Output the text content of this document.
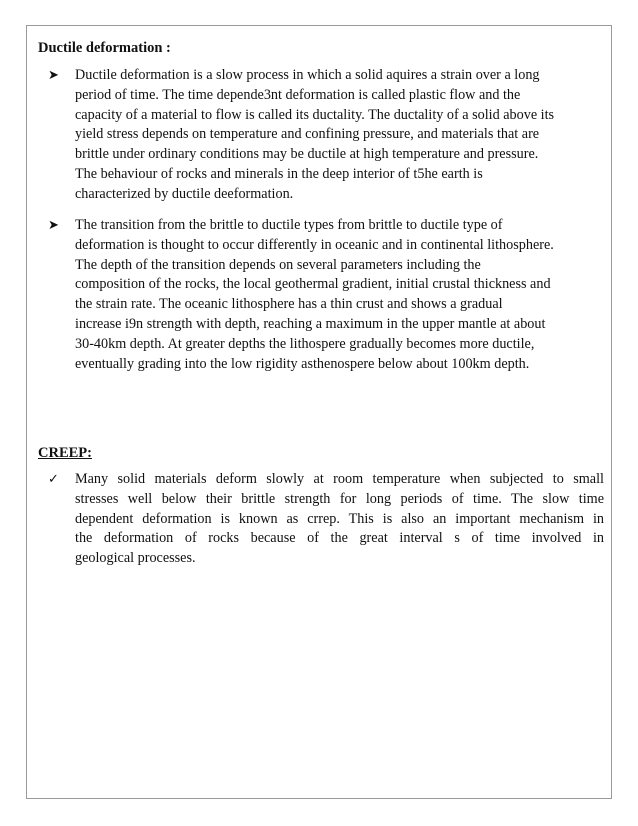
Ductile deformation :
➤	Ductile deformation is a slow process in which a solid aquires a strain over a long
period of time. The time depende3nt deformation is called plastic flow and the
capacity of a material to flow is called its ductality. The ductality of a solid above its
yield stress depends on temperature and confining pressure, and materials that are
brittle under ordinary conditions may be ductile at high temperature and pressure.
The behaviour of rocks and minerals in the deep interior of t5he earth is
characterized by ductile deeformation.

➤	The transition from the brittle to ductile types from brittle to ductile type of
deformation is thought to occur differently in oceanic and in continental lithosphere.
The depth of the transition depends on several parameters including the
composition of the rocks, the local geothermal gradient, initial crustal thickness and
the strain rate. The oceanic lithosphere has a thin crust and shows a gradual
increase i9n strength with depth, reaching a maximum in the upper mantle at about
30-40km depth. At greater depths the lithospere gradually becomes more ductile,
eventually grading into the low rigidity asthenospere below about 100km depth.

CREEP:
✓	Many solid materials deform slowly at room temperature when subjected to small
stresses well below their brittle strength for long periods of time. The slow time
dependent deformation is known as crrep. This is also an important mechanism in
the deformation of rocks because of the great interval s of time involved in
geological processes.
